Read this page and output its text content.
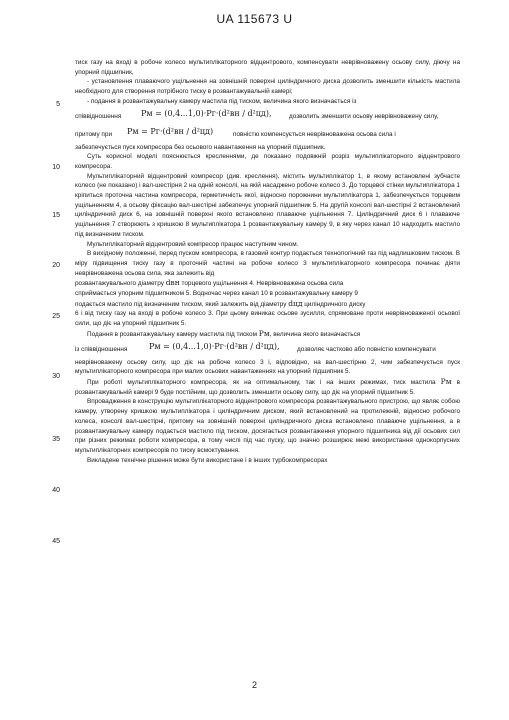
UA 115673 U
5
10
15
20
25
30
35
40
45

тиск газу на вході в робоче колесо мультиплікаторного відцентрового, компенсувати неврівноважену осьову силу, діючу на упорний підшипник,

- установлення плаваючого ущільнення на зовнішній поверхні циліндричного диска дозволить зменшити кількість мастила необхідного для створення потрібного тиску в розвантажувальній камері;

- подання в розвантажувальну камеру мастила під тиском, величина якого визначається із

співвідношення Pм = (0,4...1,0)·Pг·(d²вн / d²цд),	дозволить зменшити осьову неврівноважену силу,
притому при Pм = Pг·(d²вн / d²цд)	повністю компенсується неврівноважена осьова сила і

забезпечується пуск компресора без осьового навантаження на упорний підшипник.

Суть корисної моделі пояснюється кресленнями, де показано подовжній розріз мультиплікаторного відцентрового компресора.

Мультиплікаторний відцентровий компресор (див. креслення), містить мультиплікатор 1, в якому встановлені зубчасте колесо (не показано) і вал-шестірня 2 на одній консолі, на якій насаджено робоче колесо 3. До торцевої стінки мультиплікатора 1 кріпиться проточна частина компресора, герметичність якої, відносно порожнини мультиплікатора 1, забезпечується торцевим ущільненням 4, а осьову фіксацію вал-шестірні забезпечує упорний підшипник 5. На другій консолі вал-шестірні 2 встановлений циліндричний диск 6, на зовнішній поверхні якого встановлено плаваюче ущільнення 7. Циліндричний диск 6 і плаваюче ущільнення 7 створюють з кришкою 8 мультиплікатора 1 розвантажувальну камеру 9, в яку через канал 10 надходить мастило під визначеним тиском.

Мультиплікаторний відцентровий компресор працює наступним чином.

В вихідному положенні, перед пуском компресора, в газовий контур подається технологічний газ під надлишковим тиском. В міру підвищення тиску газу в проточній частині на робоче колесо 3 мультиплікаторного компресора починає діяти неврівноважена осьова сила, яка залежить від

розвантажувального діаметру dвн торцевого ущільнення 4. Неврівноважена осьова сила

сприймається упорним підшипником 5. Водночас через канал 10 в розвантажувальну камеру 9

подається мастило під визначеним тиском, який залежить від діаметру dцд циліндричного диску

6 і від тиску газу на вході в робоче колесо 3. При цьому виникає осьове зусилля, спрямоване проти неврівноваженої осьової сили, що діє на упорний підшипник 5.

Подання в розвантажувальну камеру мастила під тиском Pм, величина якого визначається

із співвідношення	Pм = (0,4...1,0)·Pг·(d²вн / d²цд),	дозволяє частково або повністю компенсувати

неврівноважену осьову силу, що діє на робоче колесо 3 і, відповідно, на вал-шестірню 2, чим забезпечується пуск мультиплікаторного компресора при малих осьових навантаженнях на упорний підшипник 5.

При роботі мультиплікаторного компресора, як на оптимальному, так і на інших режимах, тиск мастила Pм в розвантажувальній камері 9 буде постійним, що дозволить зменшити осьову силу, що діє на упорний підшипник 5.

Впровадження в конструкцію мультиплікаторного відцентрового компресора розвантажувального пристрою, що являє собою камеру, утворену кришкою мультиплікатора і циліндричним диском, який встановлений на протилежній, відносно робочого колеса, консолі вал-шестірні, притому на зовнішній поверхні циліндричного диска встановлено плаваюче ущільнення, а в розвантажувальну камеру подається мастило під тиском, досягається розвантаження упорного підшипника від дії осьових сил при різних режимах роботи компресора, в тому числі під час пуску, що значно розширює межі використання однокорпусних мультиплікаторних компресорів по тиску всмоктування.

Викладене технічне рішення може бути використане і в інших турбокомпресорах

2
